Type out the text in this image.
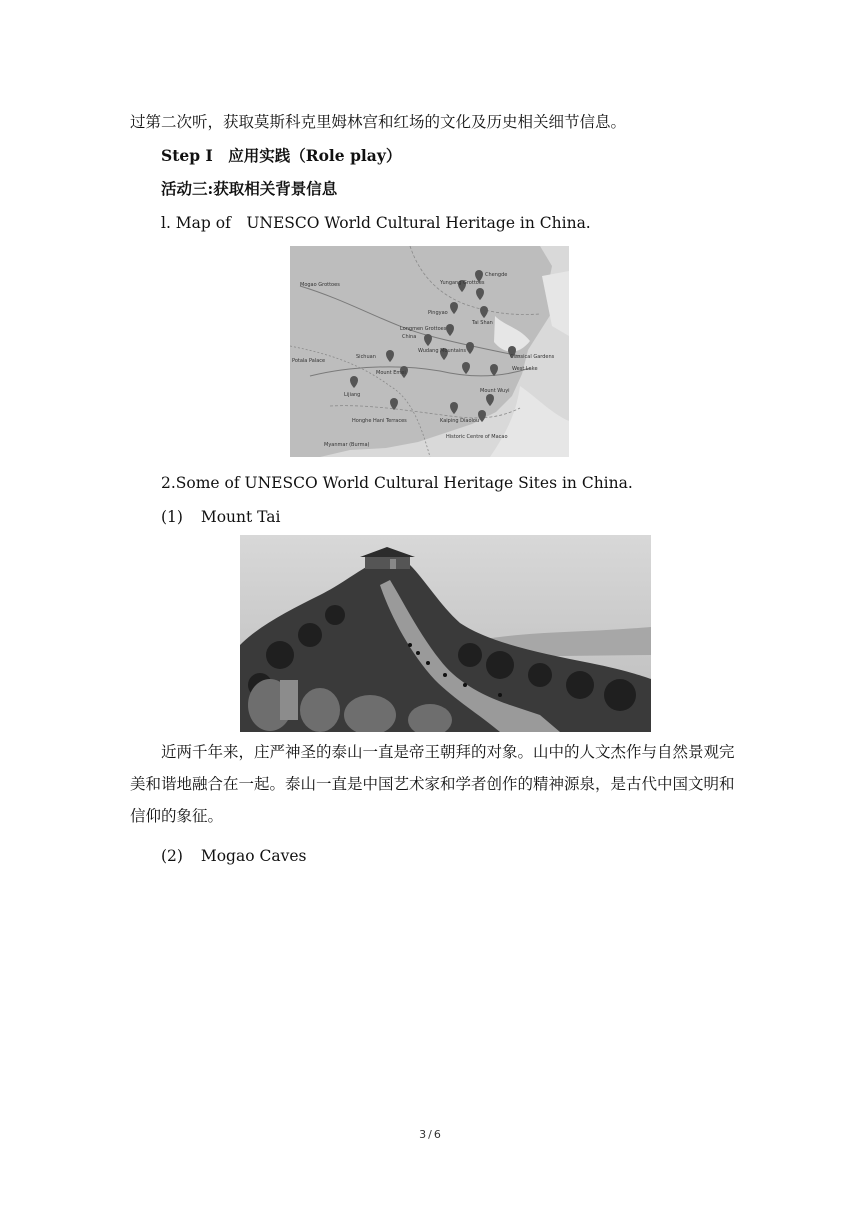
过第二次听，获取莫斯科克里姆林宫和红场的文化及历史相关细节信息。
Step I　应用实践（Role play）
活动三:获取相关背景信息
l. Map of　UNESCO World Cultural Heritage in China.
Mogao Grottoes	Yungang Grottoes
Chengde
Pingyao
Tai Shan
Longmen Grottoes
China
Wudang Mountains
Potala Palace
Lijiang
Mount Emei
Mount Wuyi
Kaiping Diaolou
Historic Centre of Macao
Classical Gardens
West Lake
Sichuan
Honghe Hani Terraces
Myanmar (Burma)
2.Some of UNESCO World Cultural Heritage Sites in China.
(1) Mount Tai
近两千年来，庄严神圣的泰山一直是帝王朝拜的对象。山中的人文杰作与自然景观完美和谐地融合在一起。泰山一直是中国艺术家和学者创作的精神源泉，是古代中国文明和信仰的象征。
(2) Mogao Caves
3 / 6
